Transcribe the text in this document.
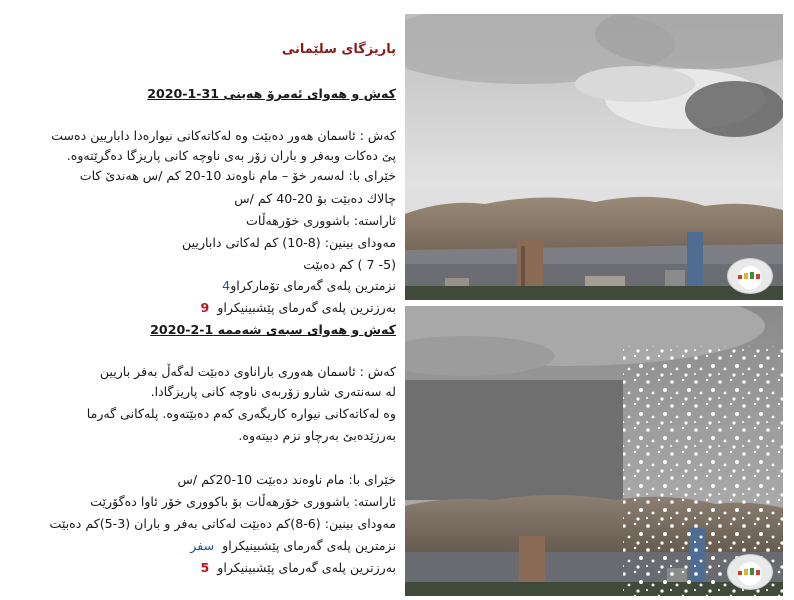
پاریزگای سلێمانی
كەش و هەوای ئەمرۆ هەينى 31-1-2020
كەش : ئاسمان هەور دەبێت وە لەكاتەكانی نيوارەدا داباريين دەست
پێ دەكات وبەفر و باران زۆر بەی ناوچە كانی پاريزگا دەگرێتەوە.
خێرای با: لەسەر خۆ – مام ناوەند 10-20 كم /س هەندێ كات
چالاك دەبێت بۆ 20-40 كم /س
ئاراستە: باشووری خۆرهەڵات
مەودای بينين: (8-10) كم لەكاتی داباريين
(5- 7 ) كم دەبێت
نزمترين پلەی گەرمای تۆماركراو4
بەرزترين پلەی گەرمای پێشبينيكراو  9
كەش و هەوای سبەی شەممە 1-2-2020
كەش : ئاسمان هەوری باراناوی دەبێت لەگەڵ بەفر باريين
لە سەنتەری شارو زۆربەی ناوچە كانی پاريزگادا.
وە لەكاتەكانی نيوارە كاريگەری كەم دەبێتەوە. پلەكانی گەرما
بەرزێدەبێ بەرچاو نزم دبيتەوە.
خێرای با: مام ناوەند دەبێت 10-20كم /س
ئاراستە: باشووری خۆرهەڵات بۆ باكووری خۆر ئاوا دەگۆرێت
مەودای بينين: (6-8)كم دەبێت لەكاتی بەفر و باران (3-5)كم دەبێت
نزمترين پلەی گەرمای پێشبينيكراو  سفر
بەرزترين پلەی گەرمای پێشبينيكراو  5
